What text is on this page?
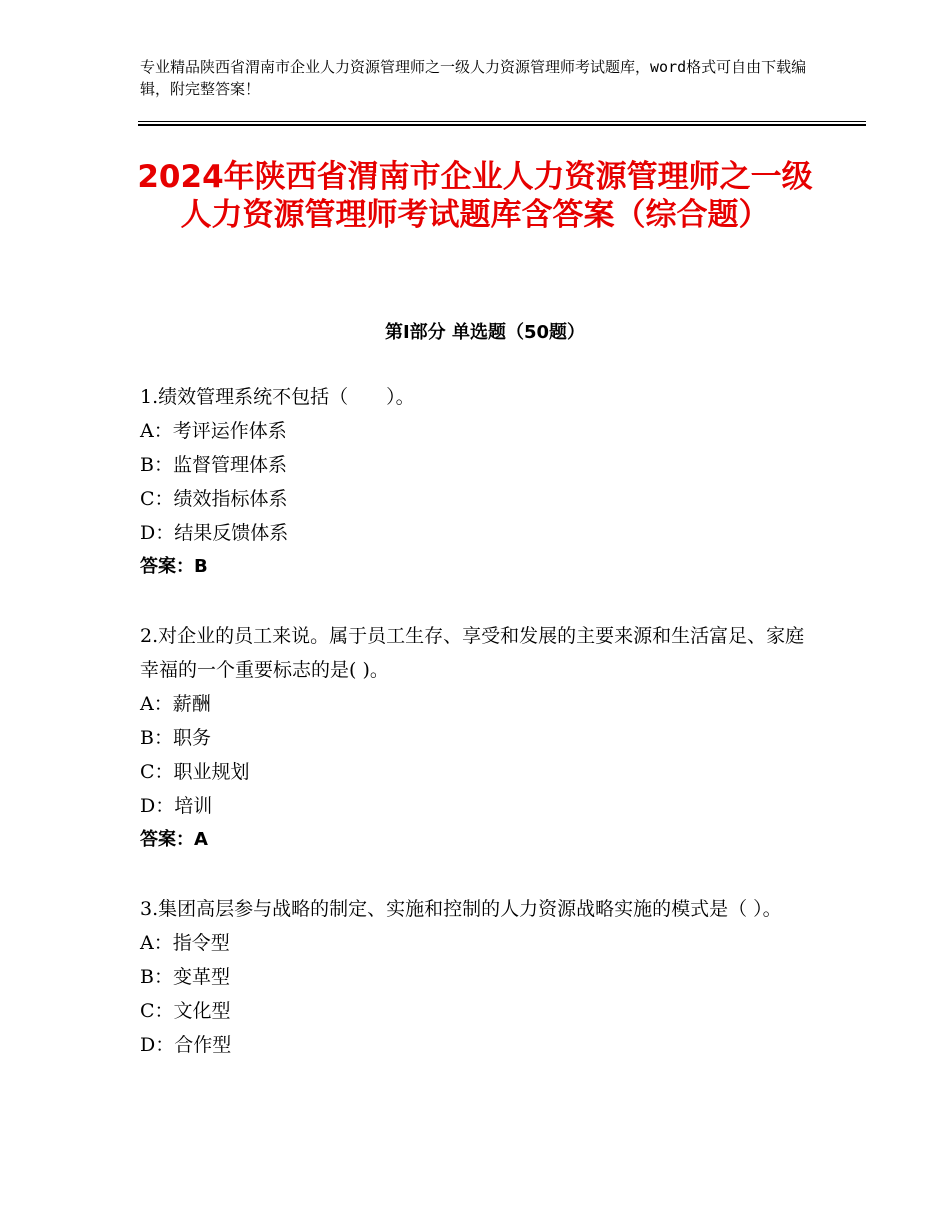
专业精品陕西省渭南市企业人力资源管理师之一级人力资源管理师考试题库，word格式可自由下载编辑，附完整答案！
2024年陕西省渭南市企业人力资源管理师之一级人力资源管理师考试题库含答案（综合题）
第Ⅰ部分 单选题（50题）
1.绩效管理系统不包括（　　）。
A：考评运作体系
B：监督管理体系
C：绩效指标体系
D：结果反馈体系
答案：B
2.对企业的员工来说。属于员工生存、享受和发展的主要来源和生活富足、家庭幸福的一个重要标志的是( )。
A：薪酬
B：职务
C：职业规划
D：培训
答案：A
3.集团高层参与战略的制定、实施和控制的人力资源战略实施的模式是（ ）。
A：指令型
B：变革型
C：文化型
D：合作型
